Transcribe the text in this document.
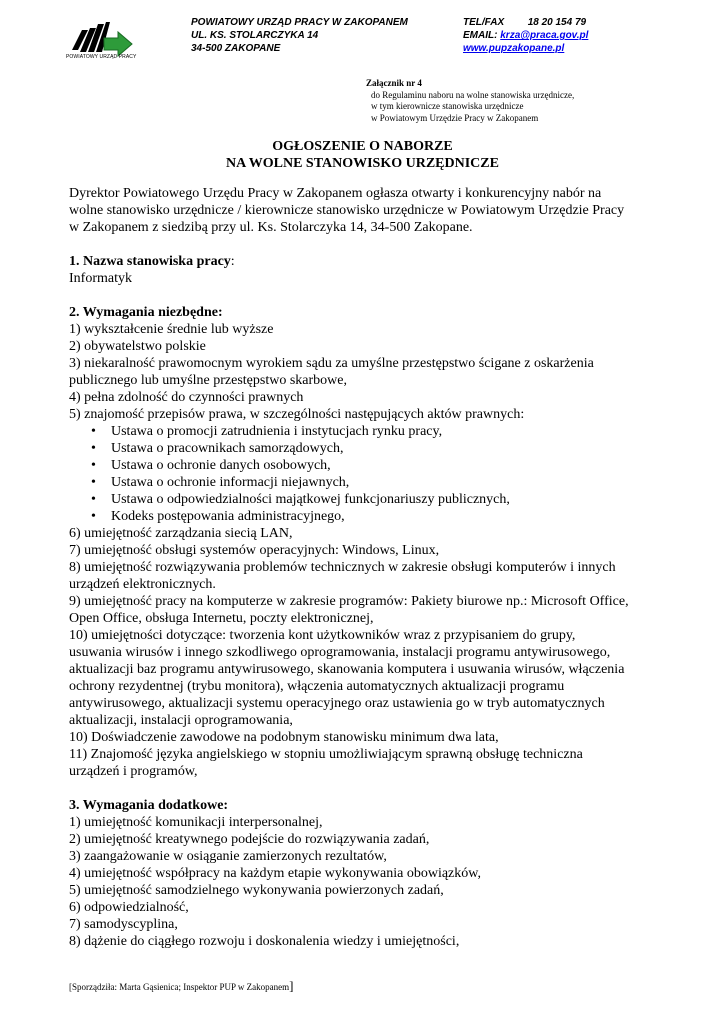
POWIATOWY URZĄD PRACY
POWIATOWY URZĄD PRACY W ZAKOPANEM
UL. KS. STOLARCZYKA 14
34-500 ZAKOPANE
TEL/FAX 18 20 154 79
EMAIL: krza@praca.gov.pl
www.pupzakopane.pl
Załącznik nr 4
do Regulaminu naboru na wolne stanowiska urzędnicze,
w tym kierownicze stanowiska urzędnicze
w Powiatowym Urzędzie Pracy w Zakopanem
OGŁOSZENIE O NABORZE
NA WOLNE STANOWISKO URZĘDNICZE

Dyrektor Powiatowego Urzędu Pracy w Zakopanem ogłasza otwarty i konkurencyjny nabór na

wolne stanowisko urzędnicze / kierownicze stanowisko urzędnicze w Powiatowym Urzędzie Pracy

w Zakopanem z siedzibą przy ul. Ks. Stolarczyka 14, 34-500 Zakopane.

1. Nazwa stanowiska pracy:

Informatyk

2. Wymagania niezbędne:

1) wykształcenie średnie lub wyższe

2) obywatelstwo polskie

3) niekaralność prawomocnym wyrokiem sądu za umyślne przestępstwo ścigane z oskarżenia

publicznego lub umyślne przestępstwo skarbowe,

4) pełna zdolność do czynności prawnych

5) znajomość przepisów prawa, w szczególności następujących aktów prawnych:

• Ustawa o promocji zatrudnienia i instytucjach rynku pracy,
• Ustawa o pracownikach samorządowych,
• Ustawa o ochronie danych osobowych,
• Ustawa o ochronie informacji niejawnych,
• Ustawa o odpowiedzialności majątkowej funkcjonariuszy publicznych,
• Kodeks postępowania administracyjnego,

6) umiejętność zarządzania siecią LAN,

7) umiejętność obsługi systemów operacyjnych: Windows, Linux,

8) umiejętność rozwiązywania problemów technicznych w zakresie obsługi komputerów i innych

urządzeń elektronicznych.

9) umiejętność pracy na komputerze w zakresie programów: Pakiety biurowe np.: Microsoft Office,

Open Office, obsługa Internetu, poczty elektronicznej,

10) umiejętności dotyczące: tworzenia kont użytkowników wraz z przypisaniem do grupy,

usuwania wirusów i innego szkodliwego oprogramowania, instalacji programu antywirusowego,

aktualizacji baz programu antywirusowego, skanowania komputera i usuwania wirusów, włączenia

ochrony rezydentnej (trybu monitora), włączenia automatycznych aktualizacji programu

antywirusowego, aktualizacji systemu operacyjnego oraz ustawienia go w tryb automatycznych

aktualizacji, instalacji oprogramowania,

10) Doświadczenie zawodowe na podobnym stanowisku minimum dwa lata,

11) Znajomość języka angielskiego w stopniu umożliwiającym sprawną obsługę techniczna

urządzeń i programów,

3. Wymagania dodatkowe:

1) umiejętność komunikacji interpersonalnej,

2) umiejętność kreatywnego podejście do rozwiązywania zadań,

3) zaangażowanie w osiąganie zamierzonych rezultatów,

4) umiejętność współpracy na każdym etapie wykonywania obowiązków,

5) umiejętność samodzielnego wykonywania powierzonych zadań,

6) odpowiedzialność,

7) samodyscyplina,

8) dążenie do ciągłego rozwoju i doskonalenia wiedzy i umiejętności,

[Sporządziła: Marta Gąsienica; Inspektor PUP w Zakopanem]
